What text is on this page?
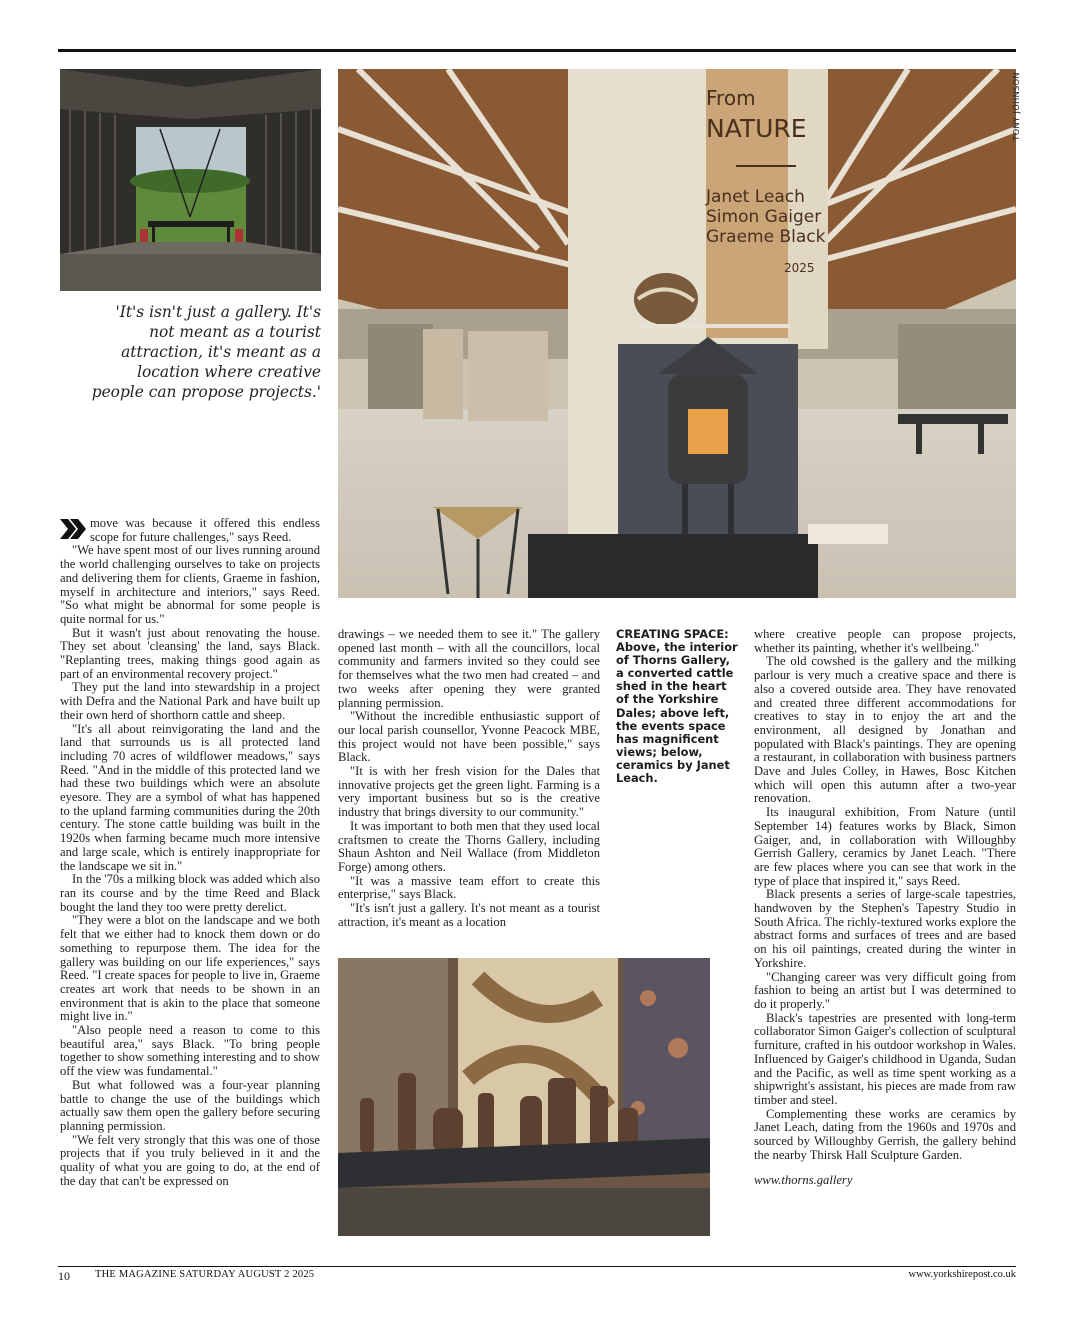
From
NATURE
Janet Leach
Simon Gaiger
Graeme Black
2025
TONY JOHNSON
'It's isn't just a gallery. It's not meant as a tourist attraction, it's meant as a location where creative people can propose projects.'

move was because it offered this endless scope for future challenges," says Reed.

"We have spent most of our lives running around the world challenging ourselves to take on projects and delivering them for clients, Graeme in fashion, myself in architecture and interiors," says Reed. "So what might be abnormal for some people is quite normal for us."

But it wasn't just about renovating the house. They set about 'cleansing' the land, says Black. "Replanting trees, making things good again as part of an environmental recovery project."

They put the land into stewardship in a project with Defra and the National Park and have built up their own herd of shorthorn cattle and sheep.

"It's all about reinvigorating the land and the land that surrounds us is all protected land including 70 acres of wildflower meadows," says Reed. "And in the middle of this protected land we had these two buildings which were an absolute eyesore. They are a symbol of what has happened to the upland farming communities during the 20th century. The stone cattle building was built in the 1920s when farming became much more intensive and large scale, which is entirely inappropriate for the landscape we sit in."

In the '70s a milking block was added which also ran its course and by the time Reed and Black bought the land they too were pretty derelict.

"They were a blot on the landscape and we both felt that we either had to knock them down or do something to repurpose them. The idea for the gallery was building on our life experiences," says Reed. "I create spaces for people to live in, Graeme creates art work that needs to be shown in an environment that is akin to the place that someone might live in."

"Also people need a reason to come to this beautiful area," says Black. "To bring people together to show something interesting and to show off the view was fundamental."

But what followed was a four-year planning battle to change the use of the buildings which actually saw them open the gallery before securing planning permission.

"We felt very strongly that this was one of those projects that if you truly believed in it and the quality of what you are going to do, at the end of the day that can't be expressed on

drawings – we needed them to see it." The gallery opened last month – with all the councillors, local community and farmers invited so they could see for themselves what the two men had created – and two weeks after opening they were granted planning permission.

"Without the incredible enthusiastic support of our local parish counsellor, Yvonne Peacock MBE, this project would not have been possible," says Black.

"It is with her fresh vision for the Dales that innovative projects get the green light. Farming is a very important business but so is the creative industry that brings diversity to our community."

It was important to both men that they used local craftsmen to create the Thorns Gallery, including Shaun Ashton and Neil Wallace (from Middleton Forge) among others.

"It was a massive team effort to create this enterprise," says Black.

"It's isn't just a gallery. It's not meant as a tourist attraction, it's meant as a location

CREATING SPACE: Above, the interior of Thorns Gallery, a converted cattle shed in the heart of the Yorkshire Dales; above left, the events space has magnificent views; below, ceramics by Janet Leach.

where creative people can propose projects, whether its painting, whether it's wellbeing."

The old cowshed is the gallery and the milking parlour is very much a creative space and there is also a covered outside area. They have renovated and created three different accommodations for creatives to stay in to enjoy the art and the environment, all designed by Jonathan and populated with Black's paintings. They are opening a restaurant, in collaboration with business partners Dave and Jules Colley, in Hawes, Bosc Kitchen which will open this autumn after a two-year renovation.

Its inaugural exhibition, From Nature (until September 14) features works by Black, Simon Gaiger, and, in collaboration with Willoughby Gerrish Gallery, ceramics by Janet Leach. "There are few places where you can see that work in the type of place that inspired it," says Reed.

Black presents a series of large-scale tapestries, handwoven by the Stephen's Tapestry Studio in South Africa. The richly-textured works explore the abstract forms and surfaces of trees and are based on his oil paintings, created during the winter in Yorkshire.

"Changing career was very difficult going from fashion to being an artist but I was determined to do it properly."

Black's tapestries are presented with long-term collaborator Simon Gaiger's collection of sculptural furniture, crafted in his outdoor workshop in Wales. Influenced by Gaiger's childhood in Uganda, Sudan and the Pacific, as well as time spent working as a shipwright's assistant, his pieces are made from raw timber and steel.

Complementing these works are ceramics by Janet Leach, dating from the 1960s and 1970s and sourced by Willoughby Gerrish, the gallery behind the nearby Thirsk Hall Sculpture Garden.

www.thorns.gallery

10 THE MAGAZINE SATURDAY AUGUST 2 2025	www.yorkshirepost.co.uk
